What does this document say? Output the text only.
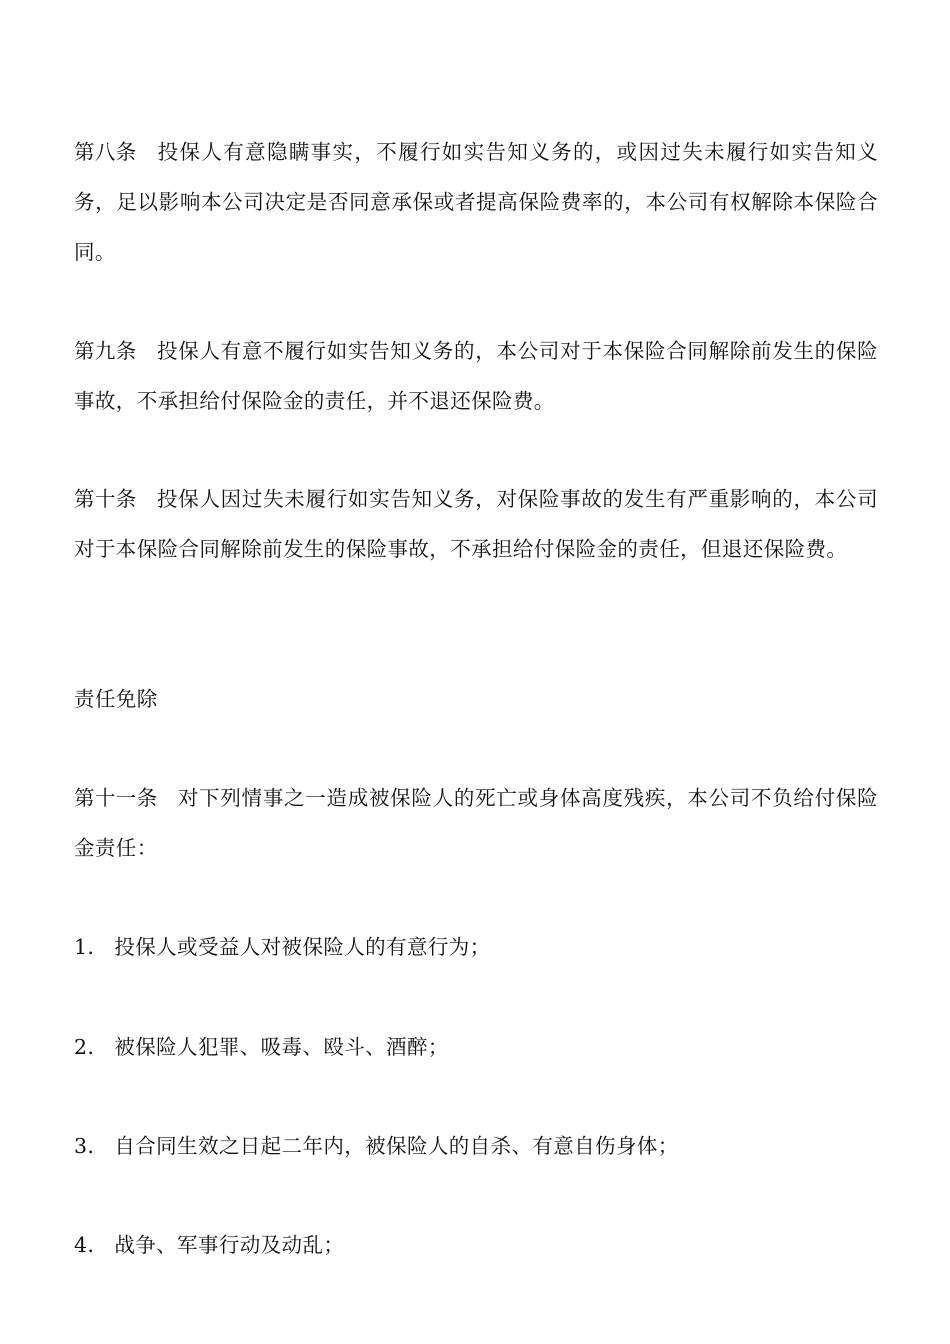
第八条 投保人有意隐瞒事实，不履行如实告知义务的，或因过失未履行如实告知义务，足以影响本公司决定是否同意承保或者提高保险费率的，本公司有权解除本保险合同。

第九条 投保人有意不履行如实告知义务的，本公司对于本保险合同解除前发生的保险事故，不承担给付保险金的责任，并不退还保险费。

第十条 投保人因过失未履行如实告知义务，对保险事故的发生有严重影响的，本公司对于本保险合同解除前发生的保险事故，不承担给付保险金的责任，但退还保险费。

责任免除

第十一条 对下列情事之一造成被保险人的死亡或身体高度残疾，本公司不负给付保险金责任：

1． 投保人或受益人对被保险人的有意行为；

2． 被保险人犯罪、吸毒、殴斗、酒醉；

3． 自合同生效之日起二年内，被保险人的自杀、有意自伤身体；

4． 战争、军事行动及动乱；
